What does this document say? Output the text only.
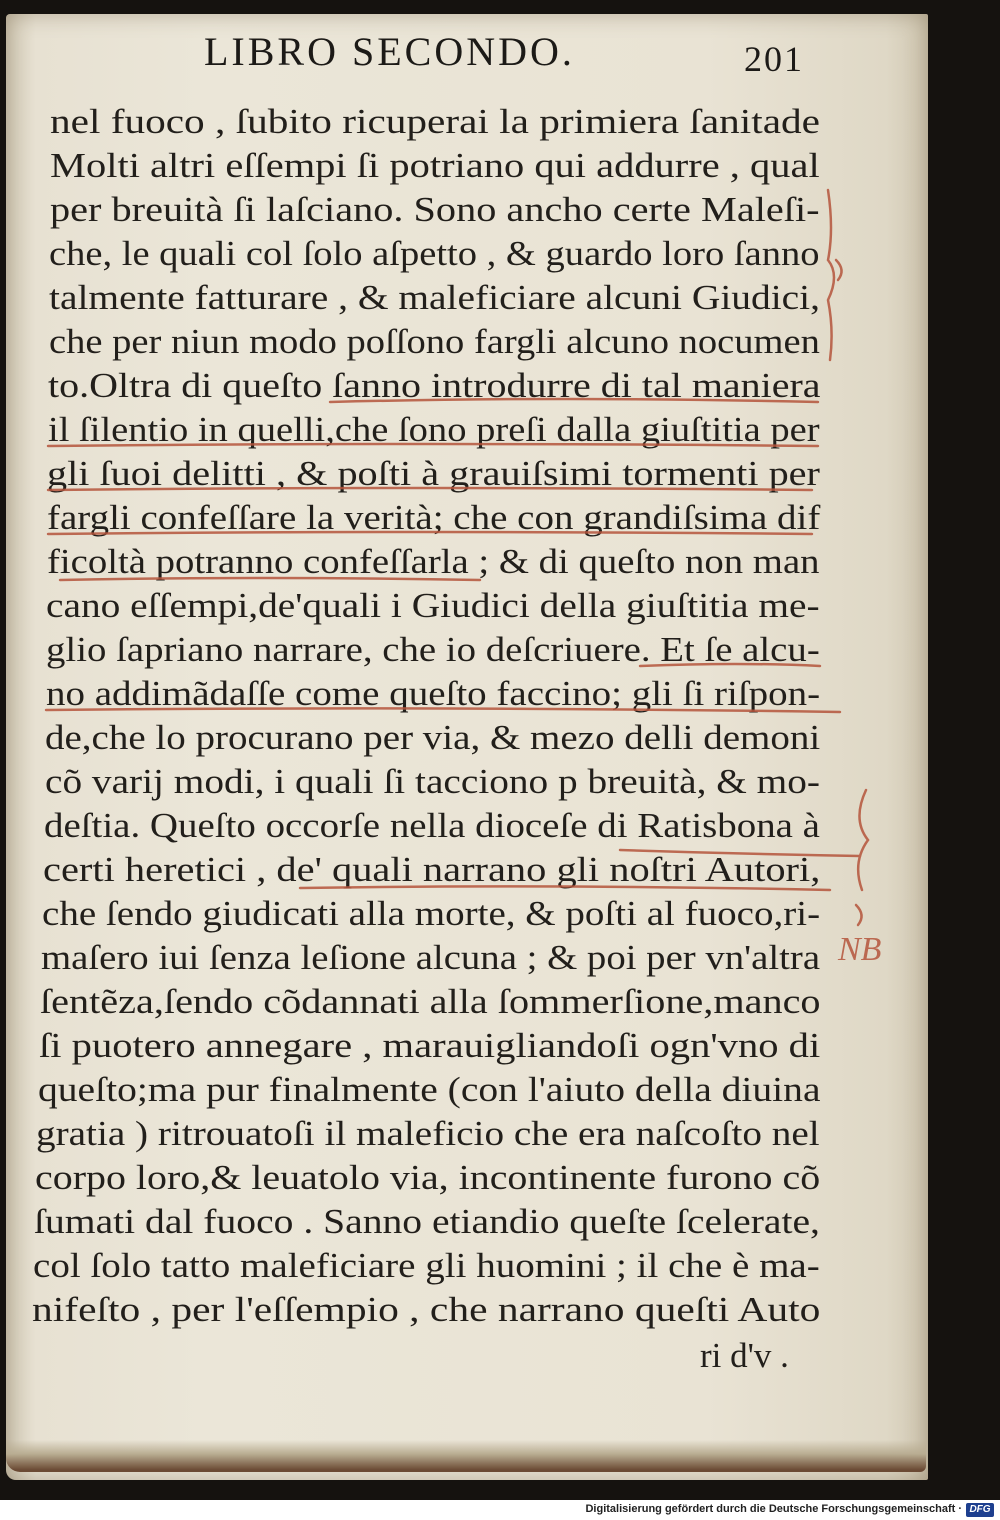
LIBRO SECONDO.	201
nel fuoco , ſubito ricuperai la primiera ſanitade
Molti altri eſſempi ſi potriano qui addurre , qual
per breuità ſi laſciano. Sono ancho certe Maleſi-
che, le quali col ſolo aſpetto , & guardo loro ſanno
talmente fatturare , & maleficiare alcuni Giudici,
che per niun modo poſſono fargli alcuno nocumen
to.Oltra di queſto ſanno introdurre di tal maniera
il ſilentio in quelli,che ſono preſi dalla giuſtitia per
gli ſuoi delitti , & poſti à grauiſsimi tormenti per
fargli confeſſare la verità; che con grandiſsima dif
ficoltà potranno confeſſarla ; & di queſto non man
cano eſſempi,de'quali i Giudici della giuſtitia me-
glio ſapriano narrare, che io deſcriuere. Et ſe alcu-
no addimãdaſſe come queſto faccino; gli ſi riſpon-
de,che lo procurano per via, & mezo delli demoni
cõ varij modi, i quali ſi tacciono p breuità, & mo-
deſtia. Queſto occorſe nella dioceſe di Ratisbona à
certi heretici , de' quali narrano gli noſtri Autori,
che ſendo giudicati alla morte, & poſti al fuoco,ri-
maſero iui ſenza leſione alcuna ; & poi per vn'altra
ſentẽza,ſendo cõdannati alla ſommerſione,manco
ſi puotero annegare , marauigliandoſi ogn'vno di
queſto;ma pur finalmente (con l'aiuto della diuina
gratia ) ritrouatoſi il maleficio che era naſcoſto nel
corpo loro,& leuatolo via, incontinente furono cõ
ſumati dal fuoco . Sanno etiandio queſte ſcelerate,
col ſolo tatto maleficiare gli huomini ; il che è ma-
nifeſto , per l'eſſempio , che narrano queſti Auto
ri d'v .
NB
Digitalisierung gefördert durch die Deutsche Forschungsgemeinschaft · DFG
